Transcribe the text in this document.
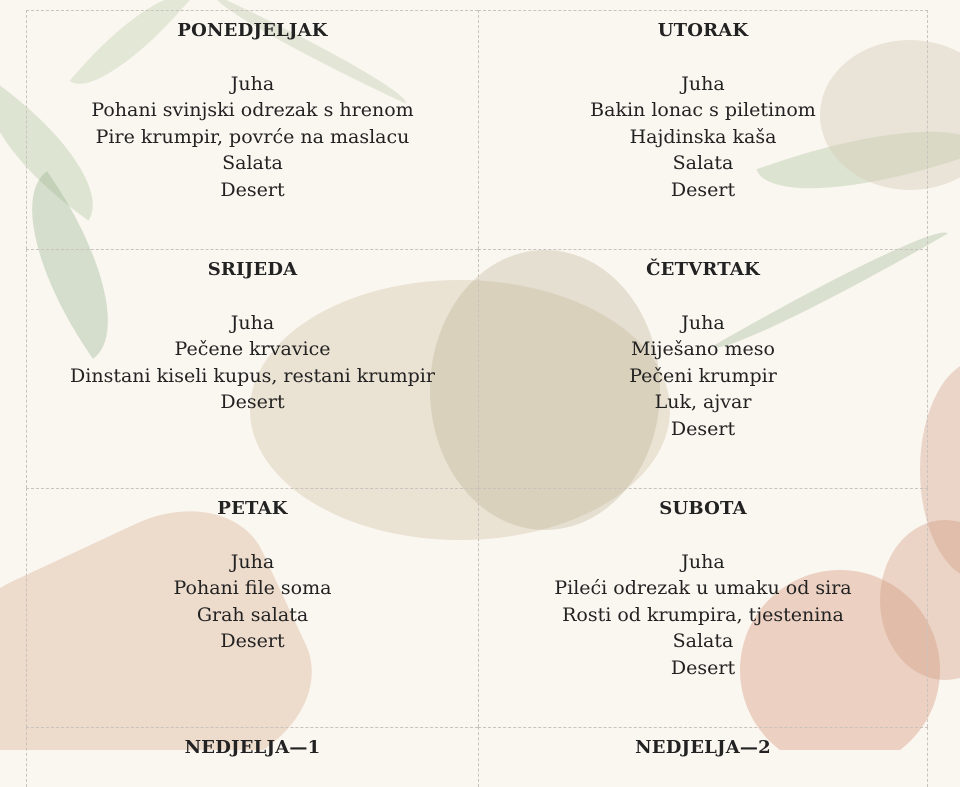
PONEDJELJAK
Juha
Pohani svinjski odrezak s hrenom
Pire krumpir, povrće na maslacu
Salata
Desert
UTORAK
Juha
Bakin lonac s piletinom
Hajdinska kaša
Salata
Desert
SRIJEDA
Juha
Pečene krvavice
Dinstani kiseli kupus, restani krumpir
Desert
ČETVRTAK
Juha
Miješano meso
Pečeni krumpir
Luk, ajvar
Desert
PETAK
Juha
Pohani file soma
Grah salata
Desert
SUBOTA
Juha
Pileći odrezak u umaku od sira
Rosti od krumpira, tjestenina
Salata
Desert
NEDJELJA—1	NEDJELJA—2
